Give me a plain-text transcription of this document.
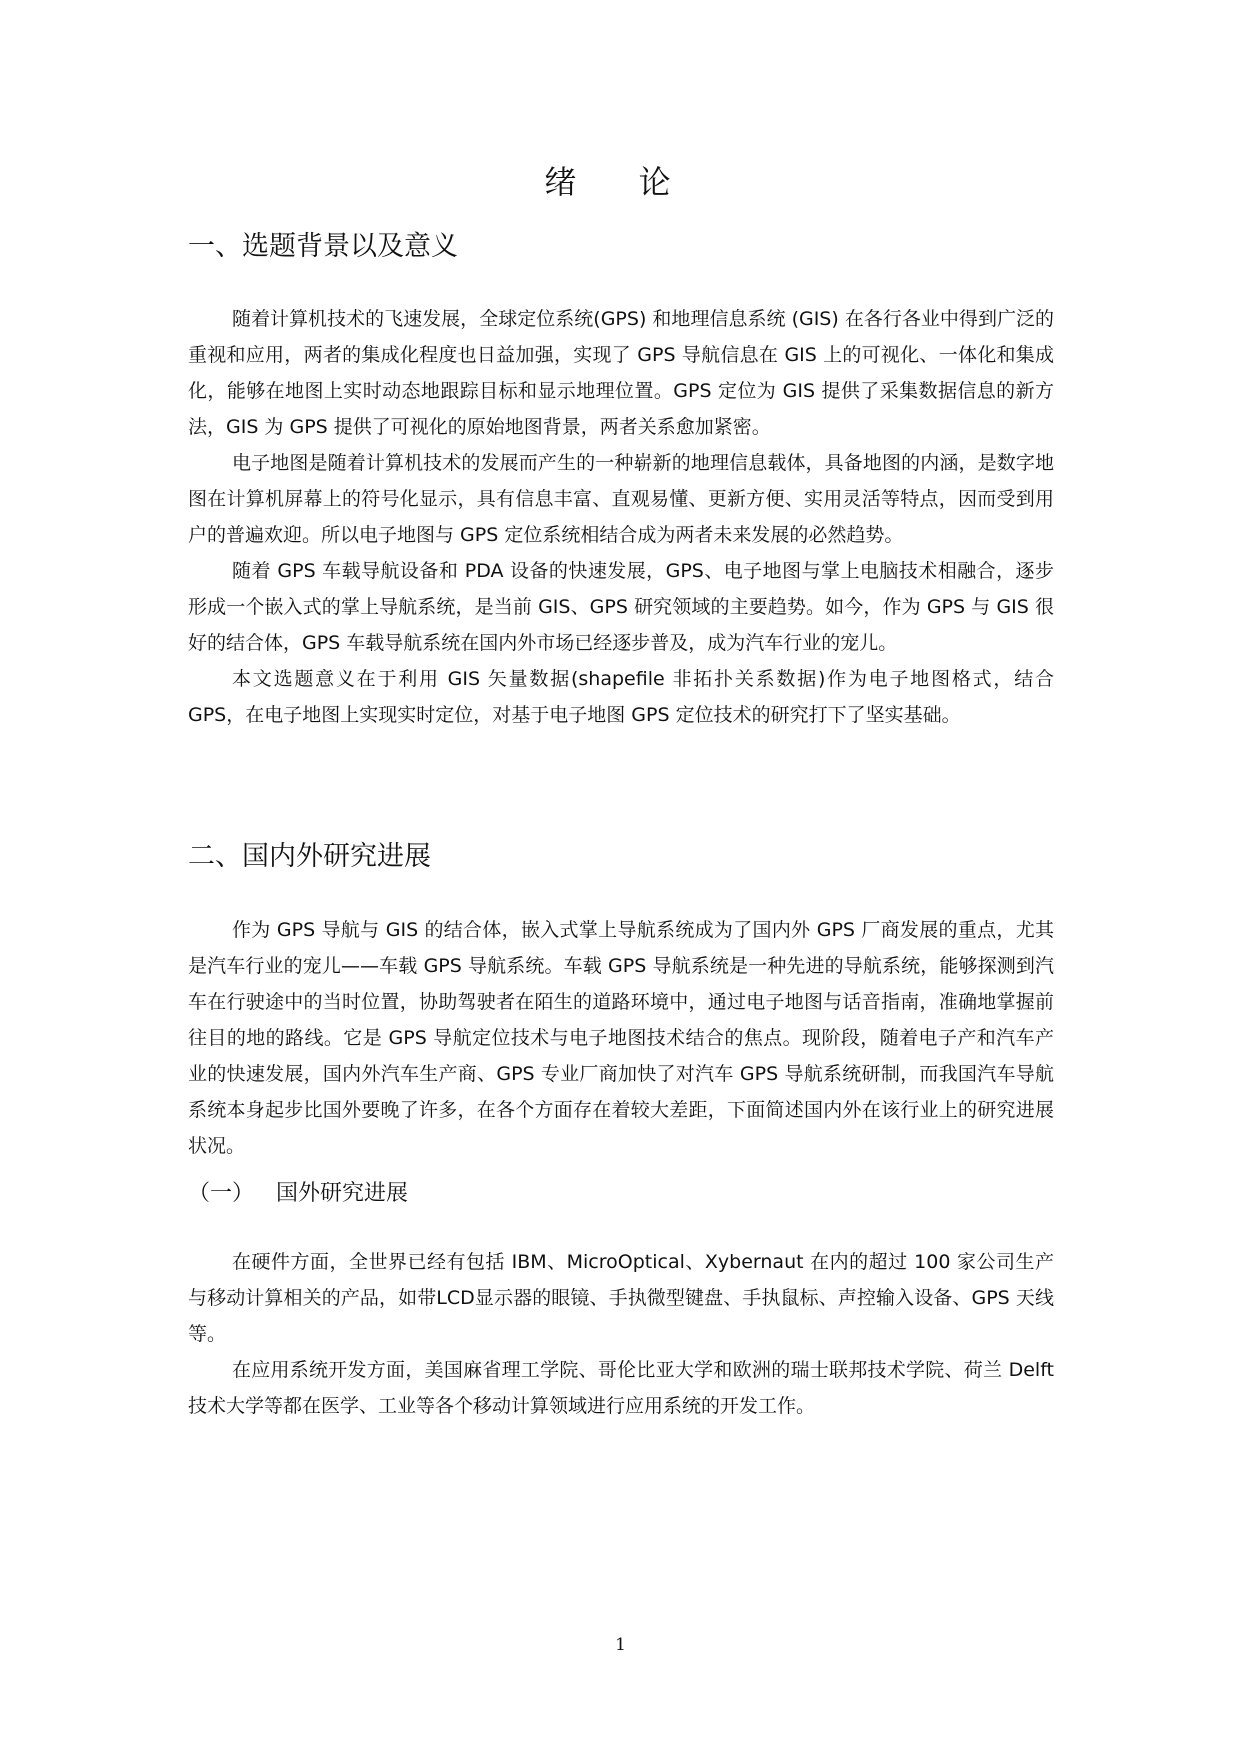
绪 论
一、选题背景以及意义

随着计算机技术的飞速发展，全球定位系统(GPS) 和地理信息系统 (GIS) 在各行各业中得到广泛的重视和应用，两者的集成化程度也日益加强，实现了 GPS 导航信息在 GIS 上的可视化、一体化和集成化，能够在地图上实时动态地跟踪目标和显示地理位置。GPS 定位为 GIS 提供了采集数据信息的新方法，GIS 为 GPS 提供了可视化的原始地图背景，两者关系愈加紧密。

电子地图是随着计算机技术的发展而产生的一种崭新的地理信息载体，具备地图的内涵，是数字地图在计算机屏幕上的符号化显示，具有信息丰富、直观易懂、更新方便、实用灵活等特点，因而受到用户的普遍欢迎。所以电子地图与 GPS 定位系统相结合成为两者未来发展的必然趋势。

随着 GPS 车载导航设备和 PDA 设备的快速发展，GPS、电子地图与掌上电脑技术相融合，逐步形成一个嵌入式的掌上导航系统，是当前 GIS、GPS 研究领域的主要趋势。如今，作为 GPS 与 GIS 很好的结合体，GPS 车载导航系统在国内外市场已经逐步普及，成为汽车行业的宠儿。

本文选题意义在于利用 GIS 矢量数据(shapefile 非拓扑关系数据)作为电子地图格式，结合 GPS，在电子地图上实现实时定位，对基于电子地图 GPS 定位技术的研究打下了坚实基础。

二、国内外研究进展

作为 GPS 导航与 GIS 的结合体，嵌入式掌上导航系统成为了国内外 GPS 厂商发展的重点，尤其是汽车行业的宠儿——车载 GPS 导航系统。车载 GPS 导航系统是一种先进的导航系统，能够探测到汽车在行驶途中的当时位置，协助驾驶者在陌生的道路环境中，通过电子地图与话音指南，准确地掌握前往目的地的路线。它是 GPS 导航定位技术与电子地图技术结合的焦点。现阶段，随着电子产和汽车产业的快速发展，国内外汽车生产商、GPS 专业厂商加快了对汽车 GPS 导航系统研制，而我国汽车导航系统本身起步比国外要晚了许多，在各个方面存在着较大差距，下面简述国内外在该行业上的研究进展状况。

（一） 国外研究进展

在硬件方面，全世界已经有包括 IBM、MicroOptical、Xybernaut 在内的超过 100 家公司生产与移动计算相关的产品，如带LCD显示器的眼镜、手执微型键盘、手执鼠标、声控输入设备、GPS 天线等。

在应用系统开发方面，美国麻省理工学院、哥伦比亚大学和欧洲的瑞士联邦技术学院、荷兰 Delft 技术大学等都在医学、工业等各个移动计算领域进行应用系统的开发工作。

1
